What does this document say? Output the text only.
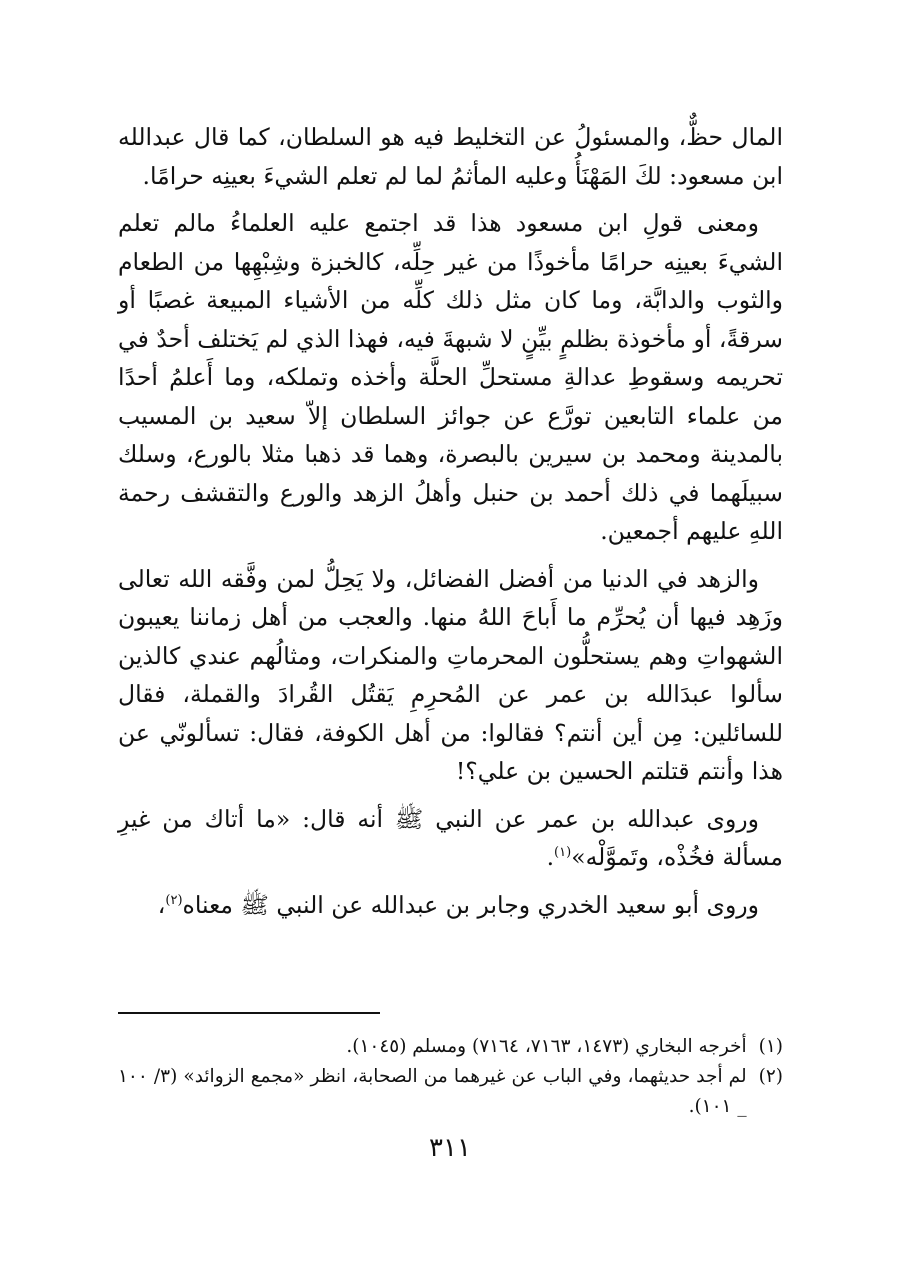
المال حظٌّ، والمسئولُ عن التخليط فيه هو السلطان، كما قال عبدالله ابن مسعود: لكَ المَهْنَأُ وعليه المأثمُ لما لم تعلم الشيءَ بعينِه حرامًا.

ومعنى قولِ ابن مسعود هذا قد اجتمع عليه العلماءُ مالم تعلم الشيءَ بعينِه حرامًا مأخوذًا من غير حِلِّه، كالخبزة وشِبْهِها من الطعام والثوب والدابَّة، وما كان مثل ذلك كلِّه من الأشياء المبيعة غصبًا أو سرقةً، أو مأخوذة بظلمٍ بيِّنٍ لا شبهةَ فيه، فهذا الذي لم يَختلف أحدٌ في تحريمه وسقوطِ عدالةِ مستحلِّ الحلَّة وأخذه وتملكه، وما أَعلمُ أحدًا من علماء التابعين تورَّع عن جوائز السلطان إلاّ سعيد بن المسيب بالمدينة ومحمد بن سيرين بالبصرة، وهما قد ذهبا مثلا بالورع، وسلك سبيلَهما في ذلك أحمد بن حنبل وأهلُ الزهد والورع والتقشف رحمة اللهِ عليهم أجمعين.

والزهد في الدنيا من أفضل الفضائل، ولا يَحِلُّ لمن وفَّقه الله تعالى وزَهِد فيها أن يُحرِّم ما أَباحَ اللهُ منها. والعجب من أهل زماننا يعيبون الشهواتِ وهم يستحلُّون المحرماتِ والمنكرات، ومثالُهم عندي كالذين سألوا عبدَالله بن عمر عن المُحرِمِ يَقتُل القُرادَ والقملة، فقال للسائلين: مِن أين أنتم؟ فقالوا: من أهل الكوفة، فقال: تسألونّي عن هذا وأنتم قتلتم الحسين بن علي؟!

وروى عبدالله بن عمر عن النبي ﷺ أنه قال: «ما أتاك من غيرِ مسألة فخُذْه، وتَموَّلْه»$^{(١)}$.

وروى أبو سعيد الخدري وجابر بن عبدالله عن النبي ﷺ معناه$^{(٢)}$،

(١)
أخرجه البخاري (١٤٧٣، ٧١٦٣، ٧١٦٤) ومسلم (١٠٤٥).
(٢)
لم أجد حديثهما، وفي الباب عن غيرهما من الصحابة، انظر «مجمع الزوائد» (٣/ ١٠٠ _ ١٠١).
٣١١
